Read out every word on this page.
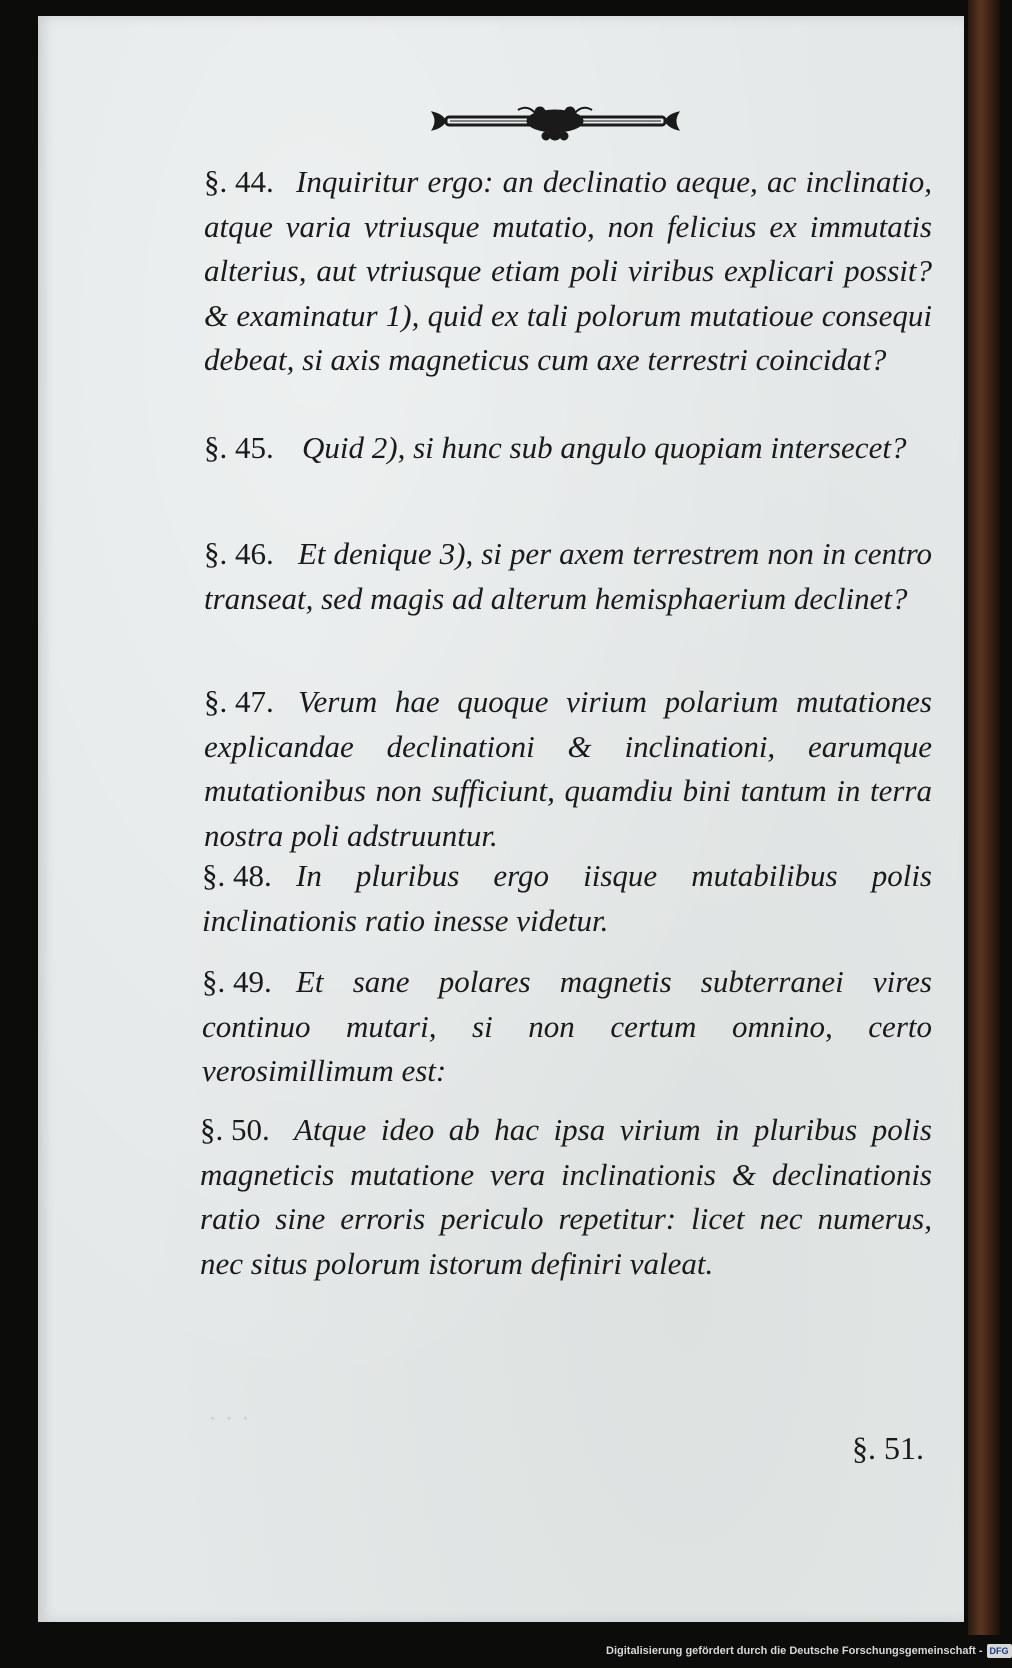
· · ·
§. 44. Inquiritur ergo: an declinatio aeque, ac inclinatio, atque varia vtriusque mutatio, non felicius ex immutatis alterius, aut vtriusque etiam poli viribus explicari possit? & examinatur 1), quid ex tali polorum mutatioue consequi debeat, si axis magneticus cum axe terrestri coincidat?
§. 45. Quid 2), si hunc sub angulo quopiam intersecet?
§. 46. Et denique 3), si per axem terrestrem non in centro transeat, sed magis ad alterum hemisphaerium declinet?
§. 47. Verum hae quoque virium polarium mutationes explicandae declinationi & inclinationi, earumque mutationibus non sufficiunt, quamdiu bini tantum in terra nostra poli adstruuntur.
§. 48. In pluribus ergo iisque mutabilibus polis inclinationis ratio inesse videtur.
§. 49. Et sane polares magnetis subterranei vires continuo mutari, si non certum omnino, certo verosimillimum est:
§. 50. Atque ideo ab hac ipsa virium in pluribus polis magneticis mutatione vera inclinationis & declinationis ratio sine erroris periculo repetitur: licet nec numerus, nec situs polorum istorum definiri valeat.
§. 51.
Digitalisierung gefördert durch die Deutsche Forschungsgemeinschaft - DFG
